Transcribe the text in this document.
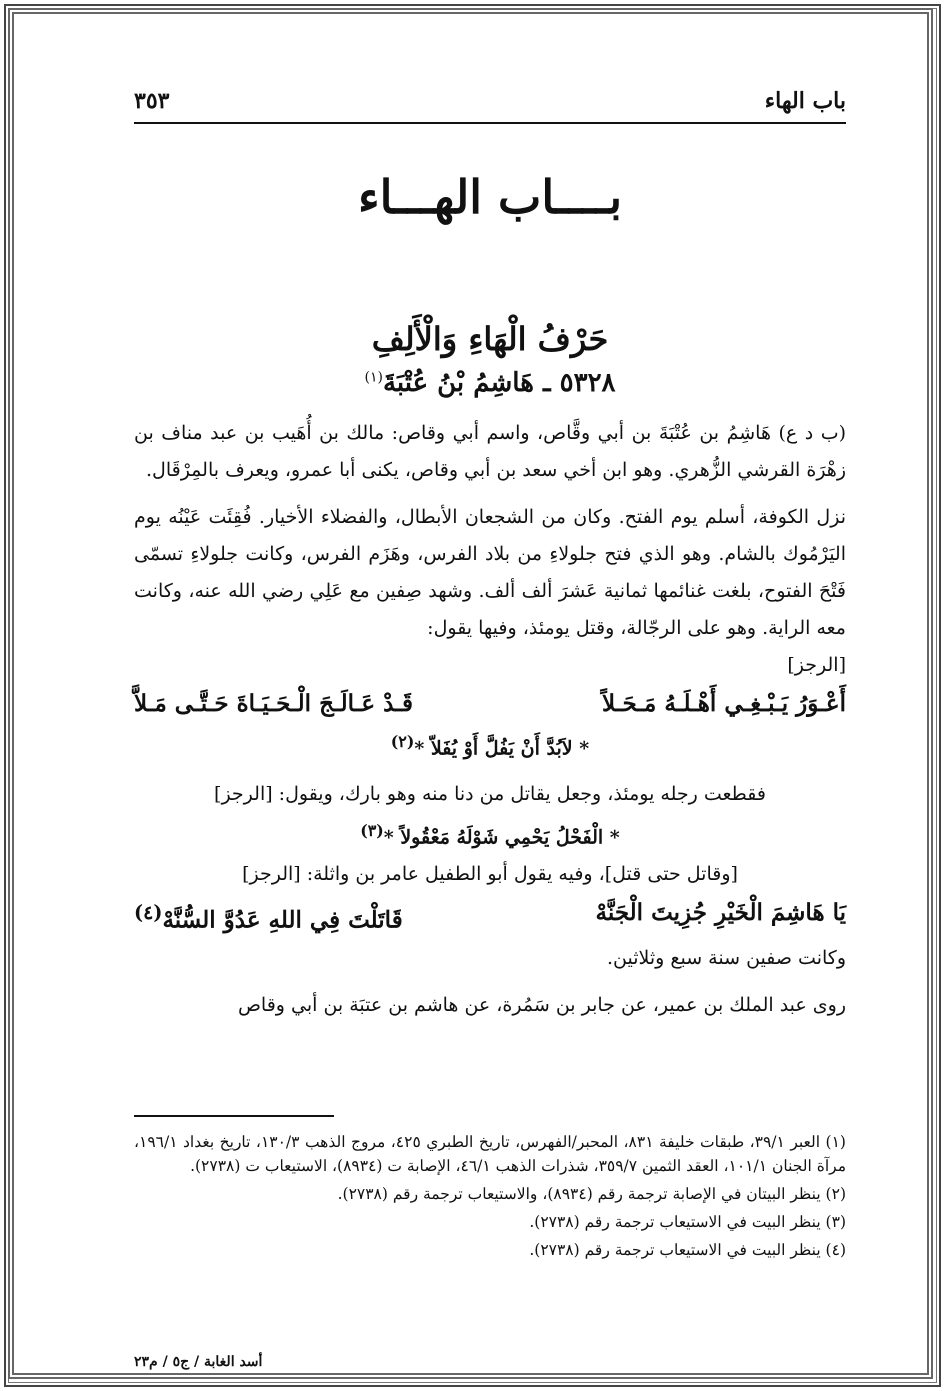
باب الهاء
٣٥٣
بــــاب الهـــاء
حَرْفُ الْهَاءِ وَالْأَلِفِ
٥٣٢٨ ـ هَاشِمُ بْنُ عُتْبَةَ$^{(١)}$

(ب د ع) هَاشِمُ بن عُتْبَةَ بن أبي وقَّاص، واسم أبي وقاص: مالك بن أُهَيب بن عبد مناف بن زهْرَة القرشي الزُّهري. وهو ابن أخي سعد بن أبي وقاص، يكنى أبا عمرو، ويعرف بالمِرْقَال.

نزل الكوفة، أسلم يوم الفتح. وكان من الشجعان الأبطال، والفضلاء الأخيار. فُقِئَت عَيْنُه يوم اليَرْمُوك بالشام. وهو الذي فتح جلولاءِ من بلاد الفرس، وهَزَم الفرس، وكانت جلولاءِ تسمّى فَتْحَ الفتوح، بلغت غنائمها ثمانية عَشرَ ألف ألف. وشهد صِفين مع عَلِي رضي الله عنه، وكانت معه الراية. وهو على الرجّالة، وقتل يومئذ، وفيها يقول:

[الرجز]
أَعْـوَرُ يَـبْـغِـي أَهْـلَـهُ مَـحَـلاً
قَـدْ عَـالَـجَ الْـحَـيَـاةَ حَـتَّـى مَـلاَّ
* لاَبُدَّ أَنْ يَفُلَّ أَوْ يُفَلاّ *$^{(٢)}$

فقطعت رجله يومئذ، وجعل يقاتل من دنا منه وهو بارك، ويقول: [الرجز]

* الْفَحْلُ يَحْمِي شَوْلَهُ مَعْقُولاً *$^{(٣)}$

[وقاتل حتى قتل]، وفيه يقول أبو الطفيل عامر بن واثلة: [الرجز]

يَا هَاشِمَ الْخَيْرِ جُزِيتَ الْجَنَّهْ
قَاتَلْتَ فِي اللهِ عَدُوَّ السُّنَّهْ$^{(٤)}$

وكانت صفين سنة سبع وثلاثين.

روى عبد الملك بن عمير، عن جابر بن سَمُرة، عن هاشم بن عتبَة بن أبي وقاص

(١) العبر ٣٩/١، طبقات خليفة ٨٣١، المحبر/الفهرس، تاريخ الطبري ٤٢٥، مروج الذهب ١٣٠/٣، تاريخ بغداد ١٩٦/١، مرآة الجنان ١٠١/١، العقد الثمين ٣٥٩/٧، شذرات الذهب ٤٦/١، الإصابة ت (٨٩٣٤)، الاستيعاب ت (٢٧٣٨).

(٢) ينظر البيتان في الإصابة ترجمة رقم (٨٩٣٤)، والاستيعاب ترجمة رقم (٢٧٣٨).

(٣) ينظر البيت في الاستيعاب ترجمة رقم (٢٧٣٨).

(٤) ينظر البيت في الاستيعاب ترجمة رقم (٢٧٣٨).

أسد الغابة / ج٥ / م٢٣
